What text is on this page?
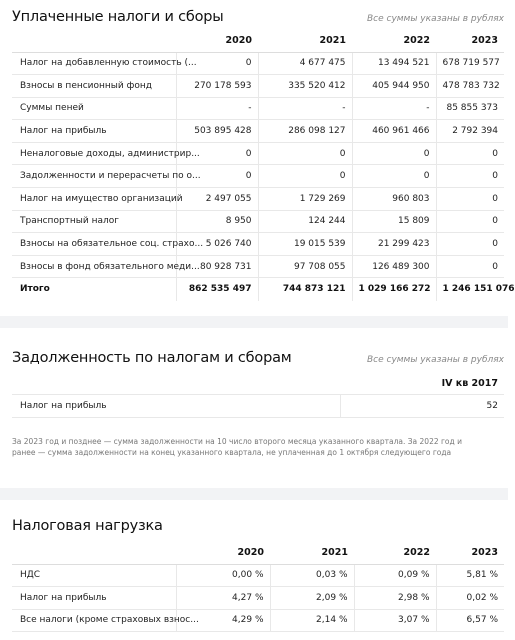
Уплаченные налоги и сборы	Все суммы указаны в рублях
	2020	2021	2022	2023
Налог на добавленную стоимость (...	0	4 677 475	13 494 521	678 719 577
Взносы в пенсионный фонд	270 178 593	335 520 412	405 944 950	478 783 732
Суммы пеней	-	-	-	85 855 373
Налог на прибыль	503 895 428	286 098 127	460 961 466	2 792 394
Неналоговые доходы, администрир...	0	0	0	0
Задолженности и перерасчеты по о...	0	0	0	0
Налог на имущество организаций	2 497 055	1 729 269	960 803	0
Транспортный налог	8 950	124 244	15 809	0
Взносы на обязательное соц. страхо...	5 026 740	19 015 539	21 299 423	0
Взносы в фонд обязательного меди...	80 928 731	97 708 055	126 489 300	0
Итого	862 535 497	744 873 121	1 029 166 272	1 246 151 076
Задолженность по налогам и сборам	Все суммы указаны в рублях
	IV кв 2017
Налог на прибыль	52

За 2023 год и позднее — сумма задолженности на 10 число второго месяца указанного квартала. За 2022 год и ранее — сумма задолженности на конец указанного квартала, не уплаченная до 1 октября следующего года

Налоговая нагрузка
	2020	2021	2022	2023
НДС	0,00 %	0,03 %	0,09 %	5,81 %
Налог на прибыль	4,27 %	2,09 %	2,98 %	0,02 %
Все налоги (кроме страховых взнос...	4,29 %	2,14 %	3,07 %	6,57 %
